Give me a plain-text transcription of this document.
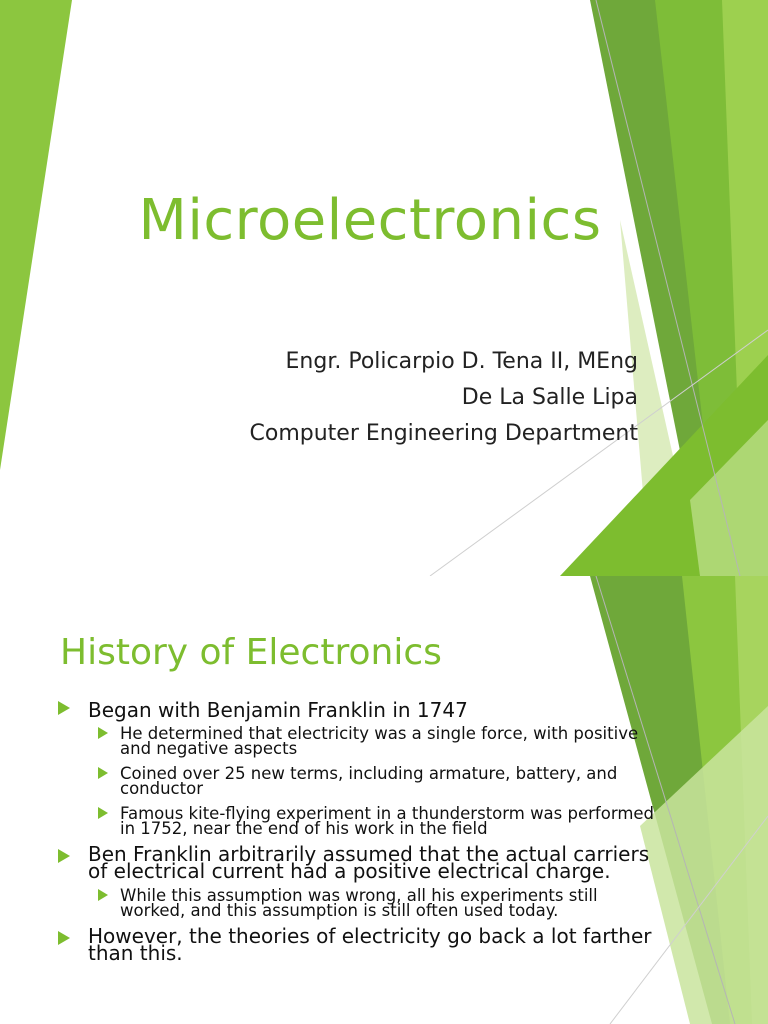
Microelectronics
Engr. Policarpio D. Tena II, MEng
De La Salle Lipa
Computer Engineering Department
History of Electronics
Began with Benjamin Franklin in 1747
He determined that electricity was a single force, with positive and negative aspects
Coined over 25 new terms, including armature, battery, and conductor
Famous kite-flying experiment in a thunderstorm was performed in 1752, near the end of his work in the field
Ben Franklin arbitrarily assumed that the actual carriers of electrical current had a positive electrical charge.
While this assumption was wrong, all his experiments still worked, and this assumption is still often used today.
However, the theories of electricity go back a lot farther than this.
